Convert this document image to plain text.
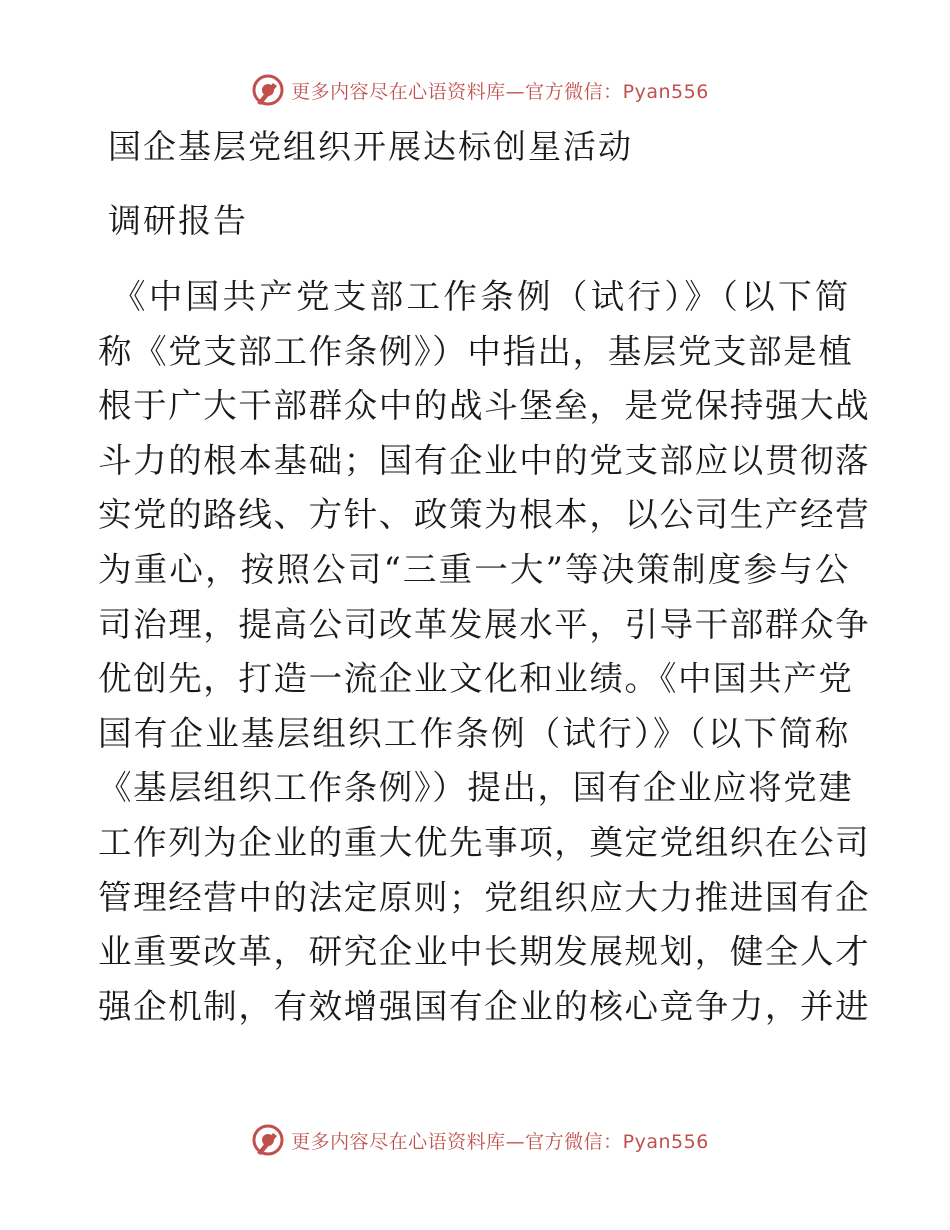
更多内容尽在心语资料库—官方微信：Pyan556
国企基层党组织开展达标创星活动
调研报告
《中国共产党支部工作条例（试行）》（以下简
称《党支部工作条例》）中指出，基层党支部是植
根于广大干部群众中的战斗堡垒，是党保持强大战
斗力的根本基础；国有企业中的党支部应以贯彻落
实党的路线、方针、政策为根本，以公司生产经营
为重心，按照公司“三重一大”等决策制度参与公
司治理，提高公司改革发展水平，引导干部群众争
优创先，打造一流企业文化和业绩。《中国共产党
国有企业基层组织工作条例（试行）》（以下简称
《基层组织工作条例》）提出，国有企业应将党建
工作列为企业的重大优先事项，奠定党组织在公司
管理经营中的法定原则；党组织应大力推进国有企
业重要改革，研究企业中长期发展规划，健全人才
强企机制，有效增强国有企业的核心竞争力，并进
更多内容尽在心语资料库—官方微信：Pyan556
